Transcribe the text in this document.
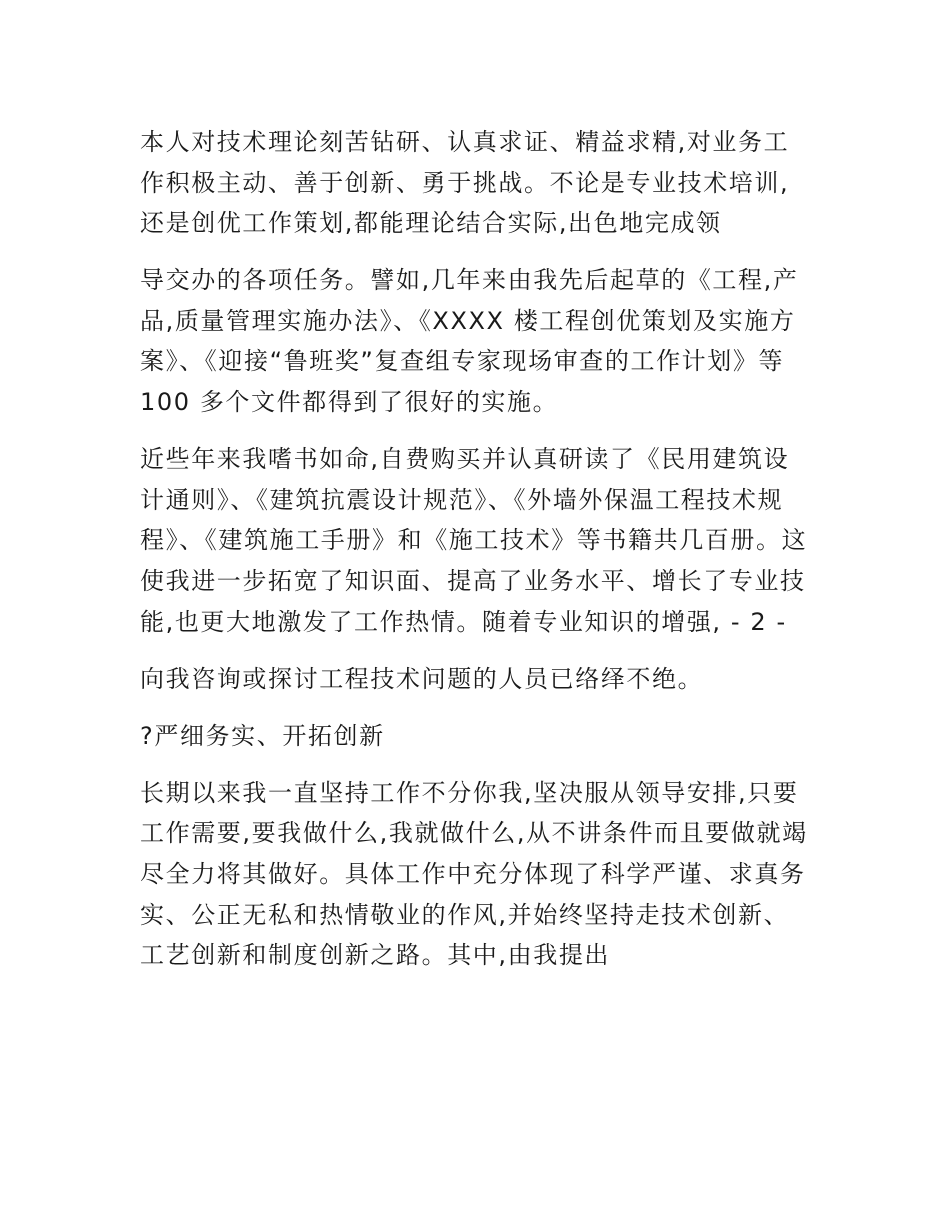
本人对技术理论刻苦钻研、认真求证、精益求精,对业务工作积极主动、善于创新、勇于挑战。不论是专业技术培训,还是创优工作策划,都能理论结合实际,出色地完成领

导交办的各项任务。譬如,几年来由我先后起草的《工程,产品,质量管理实施办法》、《XXXX 楼工程创优策划及实施方案》、《迎接“鲁班奖”复查组专家现场审查的工作计划》等 100 多个文件都得到了很好的实施。

近些年来我嗜书如命,自费购买并认真研读了《民用建筑设计通则》、《建筑抗震设计规范》、《外墙外保温工程技术规程》、《建筑施工手册》和《施工技术》等书籍共几百册。这使我进一步拓宽了知识面、提高了业务水平、增长了专业技能,也更大地激发了工作热情。随着专业知识的增强, - 2 -

向我咨询或探讨工程技术问题的人员已络绎不绝。

?严细务实、开拓创新

长期以来我一直坚持工作不分你我,坚决服从领导安排,只要工作需要,要我做什么,我就做什么,从不讲条件而且要做就竭尽全力将其做好。具体工作中充分体现了科学严谨、求真务实、公正无私和热情敬业的作风,并始终坚持走技术创新、工艺创新和制度创新之路。其中,由我提出
